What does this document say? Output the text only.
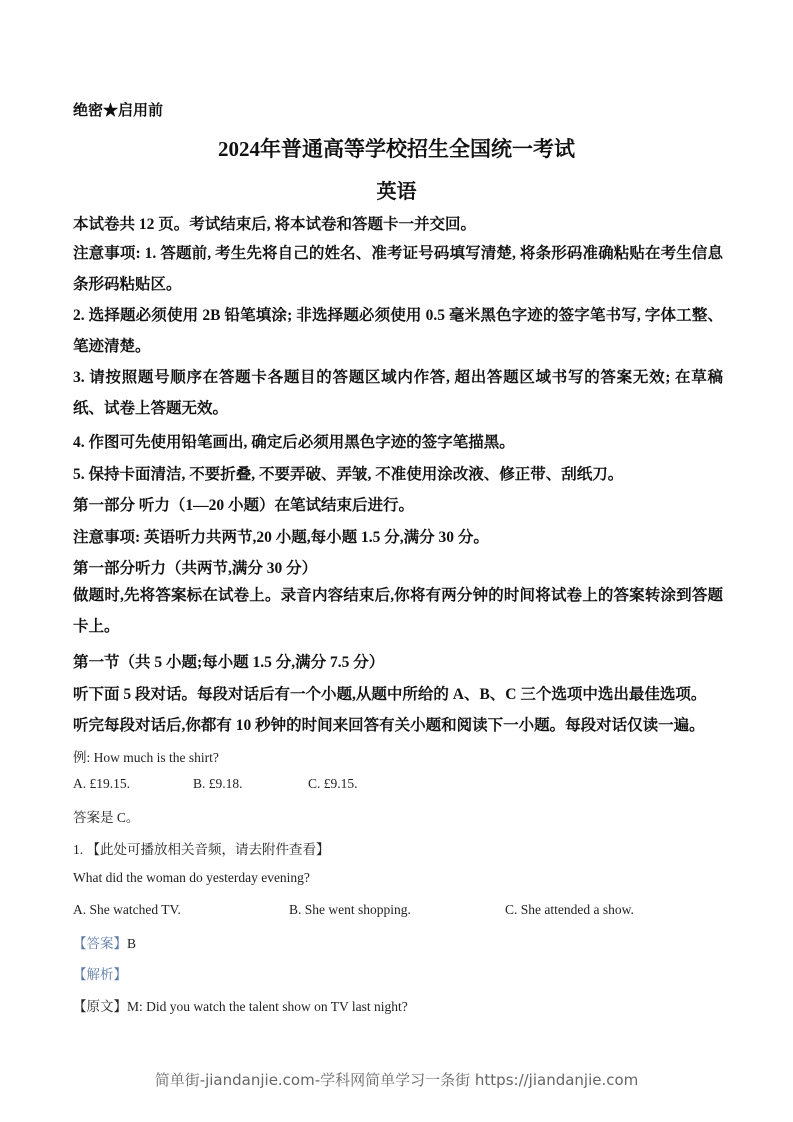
绝密★启用前
2024年普通高等学校招生全国统一考试
英语
本试卷共 12 页。考试结束后, 将本试卷和答题卡一并交回。
注意事项: 1. 答题前, 考生先将自己的姓名、准考证号码填写清楚, 将条形码准确粘贴在考生信息条形码粘贴区。
2. 选择题必须使用 2B 铅笔填涂; 非选择题必须使用 0.5 毫米黑色字迹的签字笔书写, 字体工整、笔迹清楚。
3. 请按照题号顺序在答题卡各题目的答题区域内作答, 超出答题区域书写的答案无效; 在草稿纸、试卷上答题无效。
4. 作图可先使用铅笔画出, 确定后必须用黑色字迹的签字笔描黑。
5. 保持卡面清洁, 不要折叠, 不要弄破、弄皱, 不准使用涂改液、修正带、刮纸刀。
第一部分 听力（1—20 小题）在笔试结束后进行。
注意事项: 英语听力共两节,20 小题,每小题 1.5 分,满分 30 分。
第一部分听力（共两节,满分 30 分）
做题时,先将答案标在试卷上。录音内容结束后,你将有两分钟的时间将试卷上的答案转涂到答题卡上。
第一节（共 5 小题;每小题 1.5 分,满分 7.5 分）
听下面 5 段对话。每段对话后有一个小题,从题中所给的 A、B、C 三个选项中选出最佳选项。
听完每段对话后,你都有 10 秒钟的时间来回答有关小题和阅读下一小题。每段对话仅读一遍。
例: How much is the shirt?
A. £19.15.	B. £9.18.	C. £9.15.
答案是 C。
1. 【此处可播放相关音频，请去附件查看】
What did the woman do yesterday evening?
A. She watched TV.	B. She went shopping.	C. She attended a show.
【答案】B
【解析】
【原文】M: Did you watch the talent show on TV last night?
简单街-jiandanjie.com-学科网简单学习一条街 https://jiandanjie.com
